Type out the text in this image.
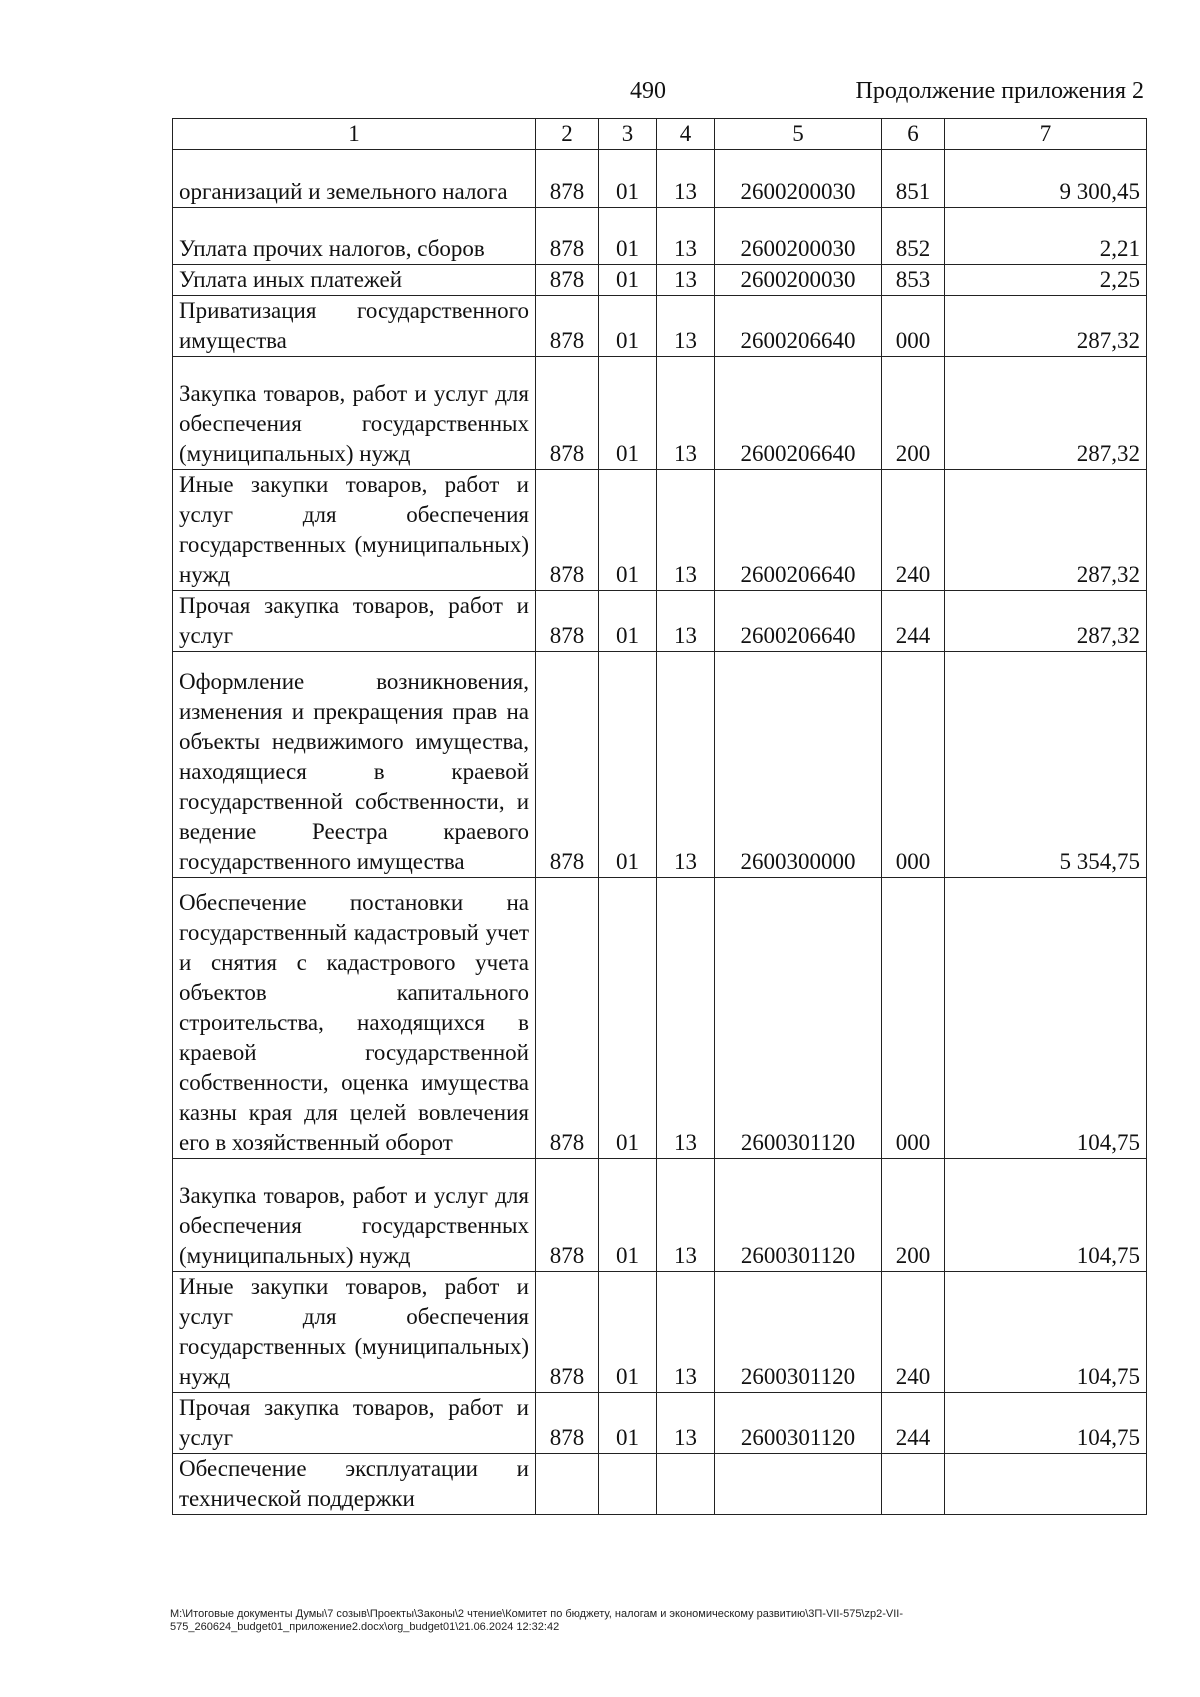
490	Продолжение приложения 2
1	2	3	4	5	6	7
организаций и земельного налога	878	01	13	2600200030	851	9 300,45
Уплата прочих налогов, сборов	878	01	13	2600200030	852	2,21
Уплата иных платежей	878	01	13	2600200030	853	2,25
Приватизация государственного имущества	878	01	13	2600206640	000	287,32
Закупка товаров, работ и услуг для обеспечения государственных (муниципальных) нужд	878	01	13	2600206640	200	287,32
Иные закупки товаров, работ и услуг для обеспечения государственных (муниципальных) нужд	878	01	13	2600206640	240	287,32
Прочая закупка товаров, работ и услуг	878	01	13	2600206640	244	287,32
Оформление возникновения, изменения и прекращения прав на объекты недвижимого имущества, находящиеся в краевой государственной собственности, и ведение Реестра краевого государственного имущества	878	01	13	2600300000	000	5 354,75
Обеспечение постановки на государственный кадастровый учет и снятия с кадастрового учета объектов капитального строительства, находящихся в краевой государственной собственности, оценка имущества казны края для целей вовлечения его в хозяйственный оборот	878	01	13	2600301120	000	104,75
Закупка товаров, работ и услуг для обеспечения государственных (муниципальных) нужд	878	01	13	2600301120	200	104,75
Иные закупки товаров, работ и услуг для обеспечения государственных (муниципальных) нужд	878	01	13	2600301120	240	104,75
Прочая закупка товаров, работ и услуг	878	01	13	2600301120	244	104,75
Обеспечение эксплуатации и технической поддержки						
M:\Итоговые документы Думы\7 созыв\Проекты\Законы\2 чтение\Комитет по бюджету, налогам и экономическому развитию\3П-VII-575\zp2-VII-575_260624_budget01_приложение2.docx\org_budget01\21.06.2024 12:32:42
